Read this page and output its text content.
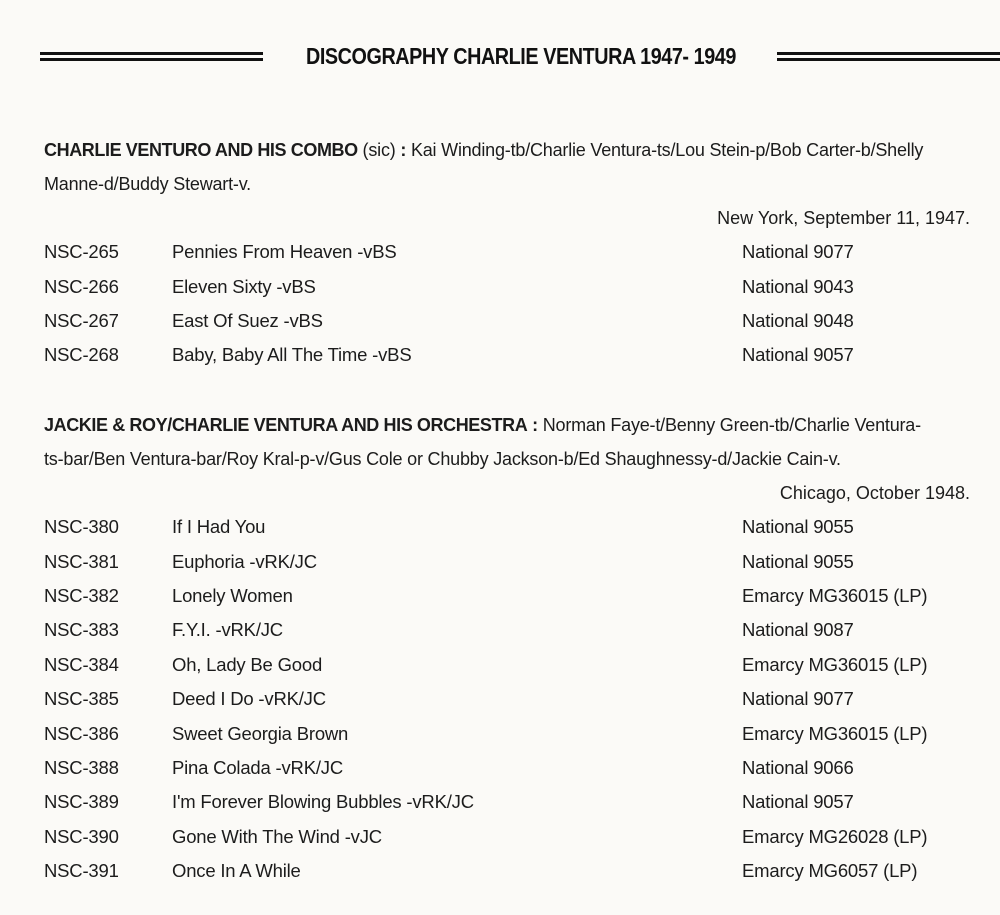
DISCOGRAPHY CHARLIE VENTURA 1947- 1949
CHARLIE VENTURO AND HIS COMBO (sic) : Kai Winding-tb/Charlie Ventura-ts/Lou Stein-p/Bob Carter-b/Shelly
Manne-d/Buddy Stewart-v.
New York, September 11, 1947.
NSC-265	Pennies From Heaven -vBS	National 9077
NSC-266	Eleven Sixty -vBS	National 9043
NSC-267	East Of Suez -vBS	National 9048
NSC-268	Baby, Baby All The Time -vBS	National 9057
JACKIE & ROY/CHARLIE VENTURA AND HIS ORCHESTRA : Norman Faye-t/Benny Green-tb/Charlie Ventura-
ts-bar/Ben Ventura-bar/Roy Kral-p-v/Gus Cole or Chubby Jackson-b/Ed Shaughnessy-d/Jackie Cain-v.
Chicago, October 1948.
NSC-380	If I Had You	National 9055
NSC-381	Euphoria -vRK/JC	National 9055
NSC-382	Lonely Women	Emarcy MG36015 (LP)
NSC-383	F.Y.I. -vRK/JC	National 9087
NSC-384	Oh, Lady Be Good	Emarcy MG36015 (LP)
NSC-385	Deed I Do -vRK/JC	National 9077
NSC-386	Sweet Georgia Brown	Emarcy MG36015 (LP)
NSC-388	Pina Colada -vRK/JC	National 9066
NSC-389	I'm Forever Blowing Bubbles -vRK/JC	National 9057
NSC-390	Gone With The Wind -vJC	Emarcy MG26028 (LP)
NSC-391	Once In A While	Emarcy MG6057 (LP)
